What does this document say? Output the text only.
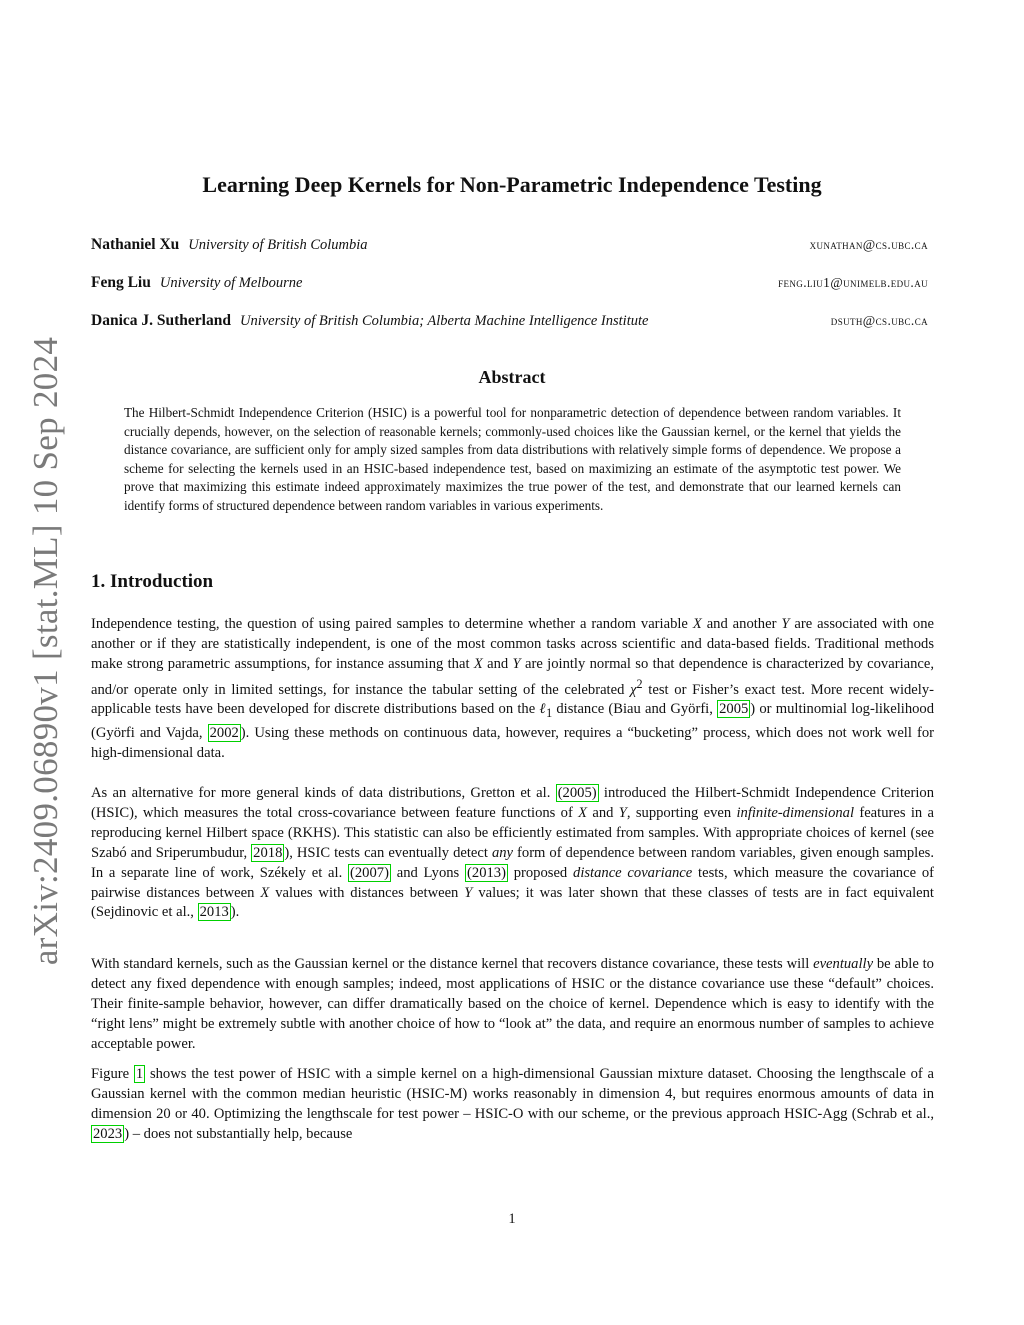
arXiv:2409.06890v1 [stat.ML] 10 Sep 2024
Learning Deep Kernels for Non-Parametric Independence Testing
Nathaniel Xu University of British Columbia	xunathan@cs.ubc.ca
Feng Liu University of Melbourne	feng.liu1@unimelb.edu.au
Danica J. Sutherland University of British Columbia; Alberta Machine Intelligence Institute	dsuth@cs.ubc.ca
Abstract

The Hilbert-Schmidt Independence Criterion (HSIC) is a powerful tool for nonparametric detection of dependence between random variables. It crucially depends, however, on the selection of reasonable kernels; commonly-used choices like the Gaussian kernel, or the kernel that yields the distance covariance, are sufficient only for amply sized samples from data distributions with relatively simple forms of dependence. We propose a scheme for selecting the kernels used in an HSIC-based independence test, based on maximizing an estimate of the asymptotic test power. We prove that maximizing this estimate indeed approximately maximizes the true power of the test, and demonstrate that our learned kernels can identify forms of structured dependence between random variables in various experiments.

1. Introduction

Independence testing, the question of using paired samples to determine whether a random variable X and another Y are associated with one another or if they are statistically independent, is one of the most common tasks across scientific and data-based fields. Traditional methods make strong parametric assumptions, for instance assuming that X and Y are jointly normal so that dependence is characterized by covariance, and/or operate only in limited settings, for instance the tabular setting of the celebrated $\chi^2$ test or Fisher’s exact test. More recent widely-applicable tests have been developed for discrete distributions based on the ℓ$_1$ distance (Biau and Györfi, 2005 ) or multinomial log-likelihood (Györfi and Vajda, 2002 ). Using these methods on continuous data, however, requires a “bucketing” process, which does not work well for high-dimensional data.

As an alternative for more general kinds of data distributions, Gretton et al. (2005) introduced the Hilbert-Schmidt Independence Criterion (HSIC), which measures the total cross-covariance between feature functions of X and Y, supporting even infinite-dimensional features in a reproducing kernel Hilbert space (RKHS). This statistic can also be efficiently estimated from samples. With appropriate choices of kernel (see Szabó and Sriperumbudur, 2018 ), HSIC tests can eventually detect any form of dependence between random variables, given enough samples. In a separate line of work, Székely et al. (2007) and Lyons (2013) proposed distance covariance tests, which measure the covariance of pairwise distances between X values with distances between Y values; it was later shown that these classes of tests are in fact equivalent (Sejdinovic et al., 2013 ).

With standard kernels, such as the Gaussian kernel or the distance kernel that recovers distance covariance, these tests will eventually be able to detect any fixed dependence with enough samples; indeed, most applications of HSIC or the distance covariance use these “default” choices. Their finite-sample behavior, however, can differ dramatically based on the choice of kernel. Dependence which is easy to identify with the “right lens” might be extremely subtle with another choice of how to “look at” the data, and require an enormous number of samples to achieve acceptable power.

Figure 1 shows the test power of HSIC with a simple kernel on a high-dimensional Gaussian mixture dataset. Choosing the lengthscale of a Gaussian kernel with the common median heuristic (HSIC-M) works reasonably in dimension 4, but requires enormous amounts of data in dimension 20 or 40. Optimizing the lengthscale for test power – HSIC-O with our scheme, or the previous approach HSIC-Agg (Schrab et al., 2023 ) – does not substantially help, because

1
